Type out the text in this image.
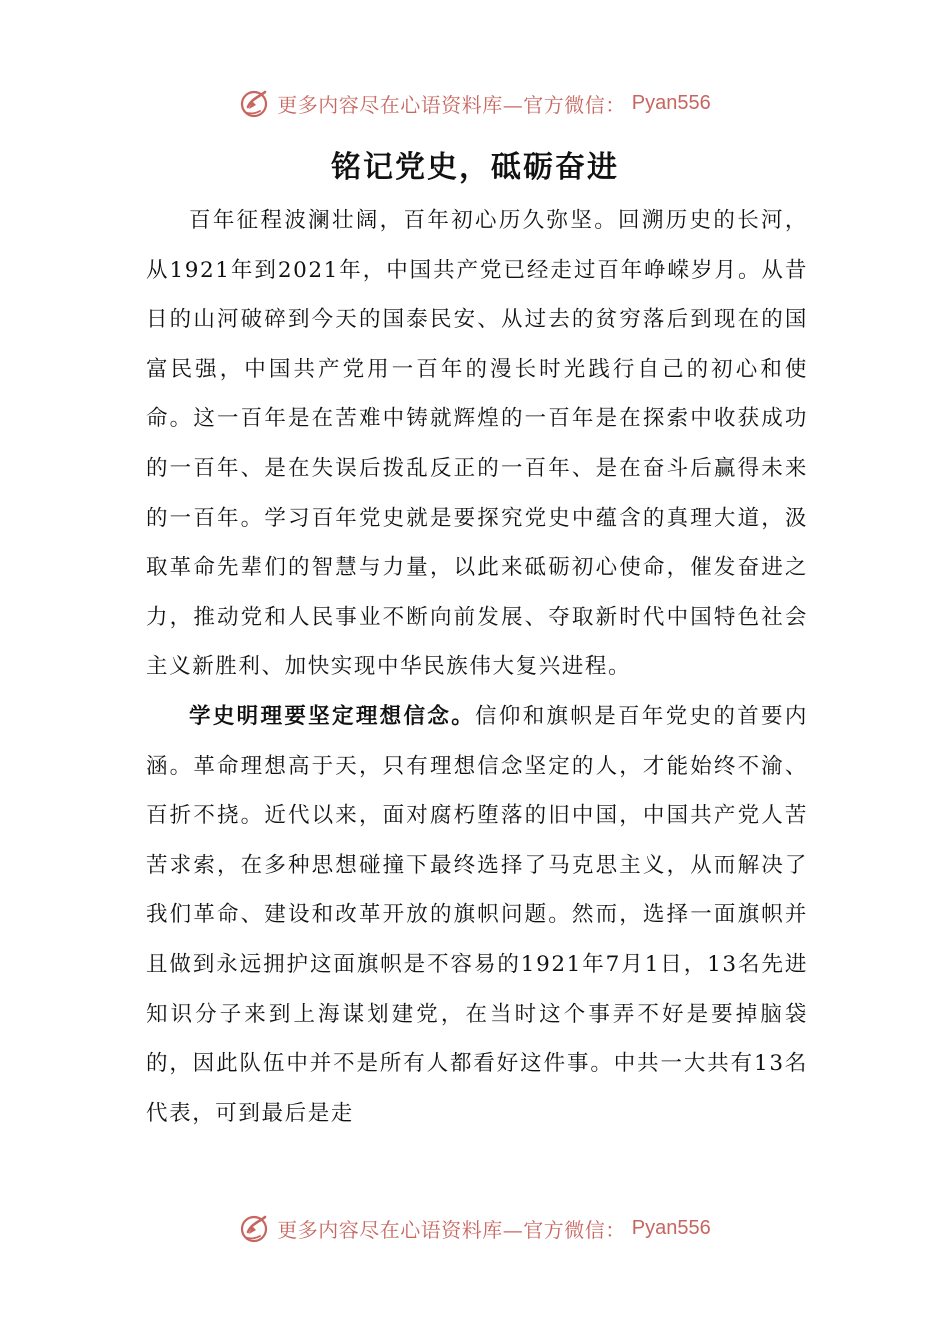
更多内容尽在心语资料库—官方微信： Pyan556
铭记党史，砥砺奋进

百年征程波澜壮阔，百年初心历久弥坚。回溯历史的长河，从1921年到2021年，中国共产党已经走过百年峥嵘岁月。从昔日的山河破碎到今天的国泰民安、从过去的贫穷落后到现在的国富民强，中国共产党用一百年的漫长时光践行自己的初心和使命。这一百年是在苦难中铸就辉煌的一百年是在探索中收获成功的一百年、是在失误后拨乱反正的一百年、是在奋斗后赢得未来的一百年。学习百年党史就是要探究党史中蕴含的真理大道，汲取革命先辈们的智慧与力量，以此来砥砺初心使命，催发奋进之力，推动党和人民事业不断向前发展、夺取新时代中国特色社会主义新胜利、加快实现中华民族伟大复兴进程。

学史明理要坚定理想信念。信仰和旗帜是百年党史的首要内涵。革命理想高于天，只有理想信念坚定的人，才能始终不渝、百折不挠。近代以来，面对腐朽堕落的旧中国，中国共产党人苦苦求索，在多种思想碰撞下最终选择了马克思主义，从而解决了我们革命、建设和改革开放的旗帜问题。然而，选择一面旗帜并且做到永远拥护这面旗帜是不容易的1921年7月1日，13名先进知识分子来到上海谋划建党，在当时这个事弄不好是要掉脑袋的，因此队伍中并不是所有人都看好这件事。中共一大共有13名代表，可到最后是走

更多内容尽在心语资料库—官方微信： Pyan556
